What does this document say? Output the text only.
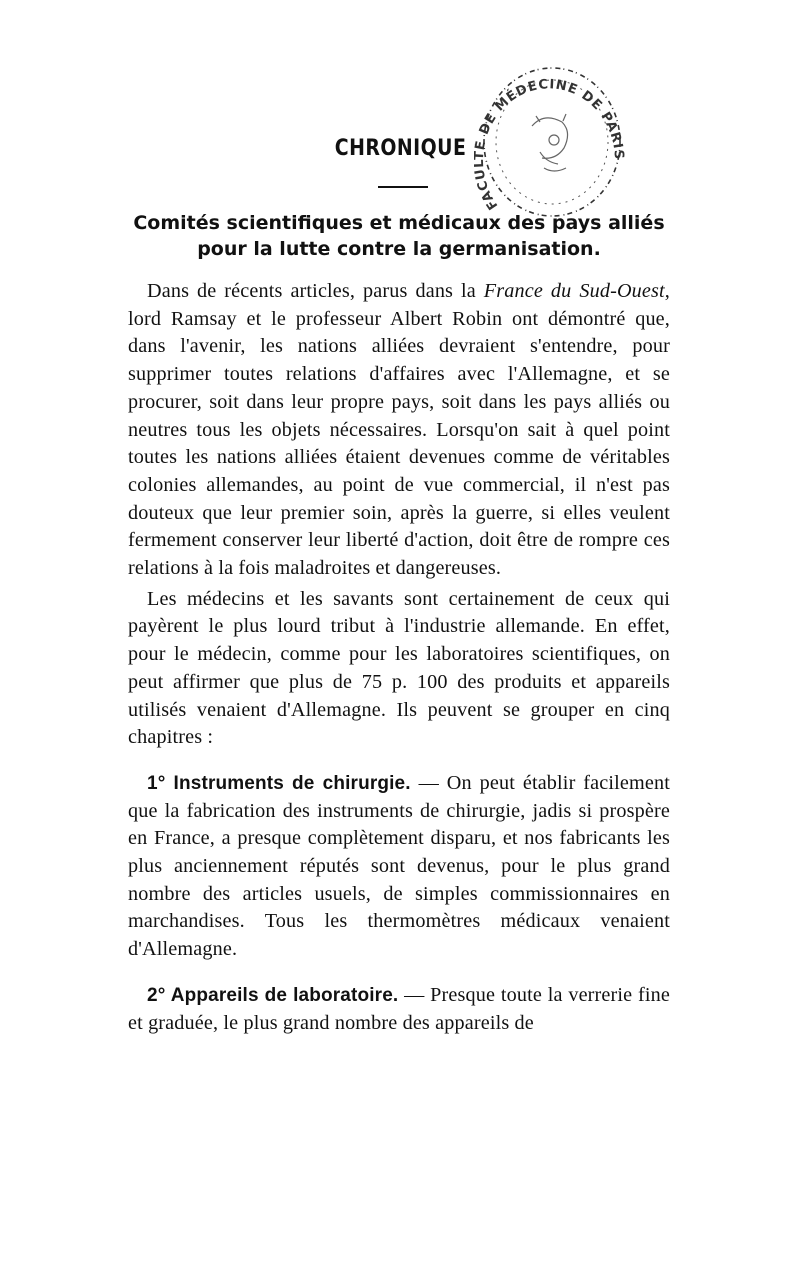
FACU É DE MÉDECINE DE PARIS
CHRONIQUE
Comités scientifiques et médicaux des pays alliés
pour la lutte contre la germanisation.

Dans de récents articles, parus dans la France du Sud-Ouest, lord Ramsay et le professeur Albert Robin ont démontré que, dans l'avenir, les nations alliées devraient s'entendre, pour supprimer toutes relations d'affaires avec l'Allemagne, et se procurer, soit dans leur propre pays, soit dans les pays alliés ou neutres tous les objets nécessaires. Lorsqu'on sait à quel point toutes les nations alliées étaient devenues comme de véritables colonies allemandes, au point de vue commercial, il n'est pas douteux que leur premier soin, après la guerre, si elles veulent fermement conserver leur liberté d'action, doit être de rompre ces relations à la fois maladroites et dangereuses.

Les médecins et les savants sont certainement de ceux qui payèrent le plus lourd tribut à l'industrie allemande. En effet, pour le médecin, comme pour les laboratoires scientifiques, on peut affirmer que plus de 75 p. 100 des produits et appareils utilisés venaient d'Allemagne. Ils peuvent se grouper en cinq chapitres :

1° Instruments de chirurgie. — On peut établir facilement que la fabrication des instruments de chirurgie, jadis si prospère en France, a presque complètement disparu, et nos fabricants les plus anciennement réputés sont devenus, pour le plus grand nombre des articles usuels, de simples commissionnaires en marchandises. Tous les thermomètres médicaux venaient d'Allemagne.

2° Appareils de laboratoire. — Presque toute la verrerie fine et graduée, le plus grand nombre des appareils de
